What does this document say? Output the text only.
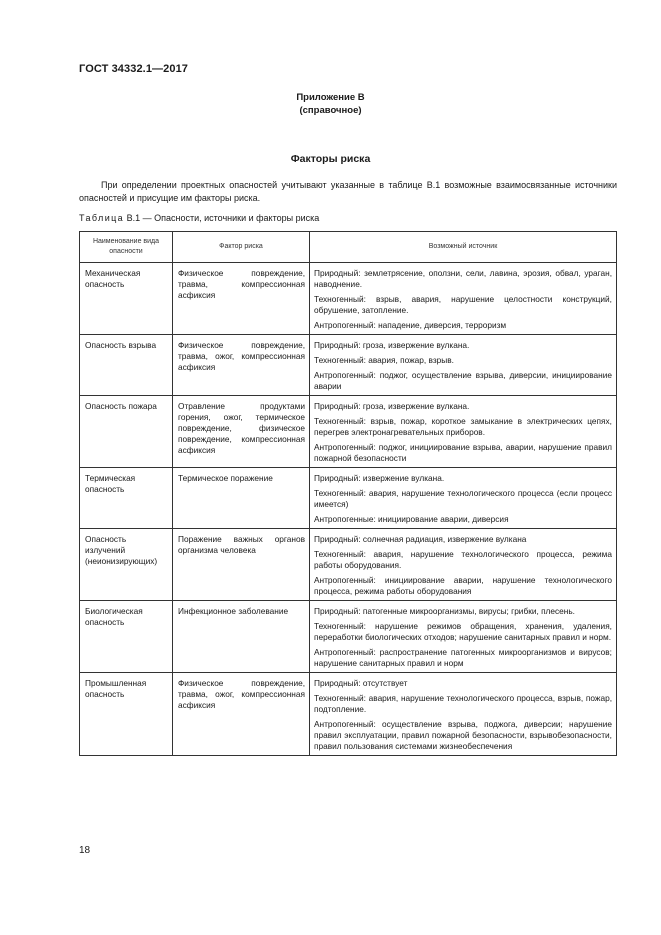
ГОСТ 34332.1—2017
Приложение В
(справочное)
Факторы риска
При определении проектных опасностей учитывают указанные в таблице В.1 возможные взаимосвязанные источники опасностей и присущие им факторы риска.
Таблица В.1 — Опасности, источники и факторы риска
Наименование вида опасности	Фактор риска	Возможный источник
Механическая опасность	Физическое повреждение, травма, компрессионная асфиксия	Природный: землетрясение, оползни, сели, лавина, эрозия, обвал, ураган, наводнение.

Техногенный: взрыв, авария, нарушение целостности конструкций, обрушение, затопление.

Антропогенный: нападение, диверсия, терроризм

Опасность взрыва	Физическое повреждение, травма, ожог, компрессионная асфиксия	Природный: гроза, извержение вулкана.

Техногенный: авария, пожар, взрыв.

Антропогенный: поджог, осуществление взрыва, диверсии, инициирование аварии

Опасность пожара	Отравление продуктами горения, ожог, термическое повреждение, физическое повреждение, компрессионная асфиксия	Природный: гроза, извержение вулкана.

Техногенный: взрыв, пожар, короткое замыкание в электрических цепях, перегрев электронагревательных приборов.

Антропогенный: поджог, инициирование взрыва, аварии, нарушение правил пожарной безопасности

Термическая опасность	Термическое поражение	Природный: извержение вулкана.

Техногенный: авария, нарушение технологического процесса (если процесс имеется)

Антропогенные: инициирование аварии, диверсия

Опасность излучений (неионизирующих)	Поражение важных органов организма человека	Природный: солнечная радиация, извержение вулкана

Техногенный: авария, нарушение технологического процесса, режима работы оборудования.

Антропогенный: инициирование аварии, нарушение технологического процесса, режима работы оборудования

Биологическая опасность	Инфекционное заболевание	Природный: патогенные микроорганизмы, вирусы; грибки, плесень.

Техногенный: нарушение режимов обращения, хранения, удаления, переработки биологических отходов; нарушение санитарных правил и норм.

Антропогенный: распространение патогенных микроорганизмов и вирусов; нарушение санитарных правил и норм

Промышленная опасность	Физическое повреждение, травма, ожог, компрессионная асфиксия	Природный: отсутствует

Техногенный: авария, нарушение технологического процесса, взрыв, пожар, подтопление.

Антропогенный: осуществление взрыва, поджога, диверсии; нарушение правил эксплуатации, правил пожарной безопасности, взрывобезопасности, правил пользования системами жизнеобеспечения

18
